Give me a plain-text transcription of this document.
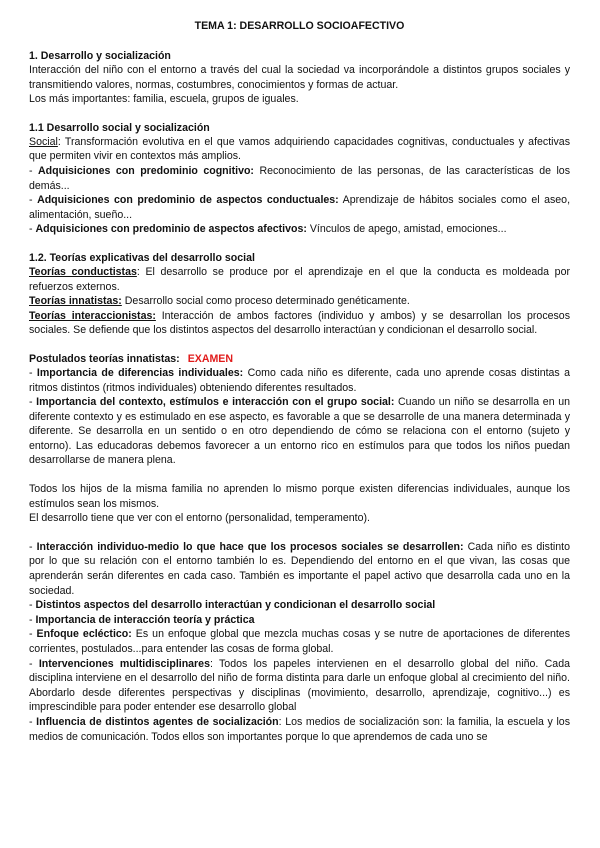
TEMA 1: DESARROLLO SOCIOAFECTIVO
1. Desarrollo y socialización
Interacción del niño con el entorno a través del cual la sociedad va incorporándole a distintos grupos sociales y transmitiendo valores, normas, costumbres, conocimientos y formas de actuar.
Los más importantes: familia, escuela, grupos de iguales.
1.1 Desarrollo social y socialización
Social: Transformación evolutiva en el que vamos adquiriendo capacidades cognitivas, conductuales y afectivas que permiten vivir en contextos más amplios.
- Adquisiciones con predominio cognitivo: Reconocimiento de las personas, de las características de los demás...
- Adquisiciones con predominio de aspectos conductuales: Aprendizaje de hábitos sociales como el aseo, alimentación, sueño...
- Adquisiciones con predominio de aspectos afectivos: Vínculos de apego, amistad, emociones...
1.2. Teorías explicativas del desarrollo social
Teorías conductistas: El desarrollo se produce por el aprendizaje en el que la conducta es moldeada por refuerzos externos.
Teorías innatistas: Desarrollo social como proceso determinado genéticamente.
Teorías interaccionistas: Interacción de ambos factores (individuo y ambos) y se desarrollan los procesos sociales. Se defiende que los distintos aspectos del desarrollo interactúan y condicionan el desarrollo social.
Postulados teorías innatistas: EXAMEN
- Importancia de diferencias individuales: Como cada niño es diferente, cada uno aprende cosas distintas a ritmos distintos (ritmos individuales) obteniendo diferentes resultados.
- Importancia del contexto, estímulos e interacción con el grupo social: Cuando un niño se desarrolla en un diferente contexto y es estimulado en ese aspecto, es favorable a que se desarrolle de una manera determinada y diferente. Se desarrolla en un sentido o en otro dependiendo de cómo se relaciona con el entorno (sujeto y entorno). Las educadoras debemos favorecer a un entorno rico en estímulos para que todos los niños puedan desarrollarse de manera plena.
Todos los hijos de la misma familia no aprenden lo mismo porque existen diferencias individuales, aunque los estímulos sean los mismos.
El desarrollo tiene que ver con el entorno (personalidad, temperamento).
- Interacción individuo-medio lo que hace que los procesos sociales se desarrollen: Cada niño es distinto por lo que su relación con el entorno también lo es. Dependiendo del entorno en el que vivan, las cosas que aprenderán serán diferentes en cada caso. También es importante el papel activo que desarrolla cada uno en la sociedad.
- Distintos aspectos del desarrollo interactúan y condicionan el desarrollo social
- Importancia de interacción teoría y práctica
- Enfoque ecléctico: Es un enfoque global que mezcla muchas cosas y se nutre de aportaciones de diferentes corrientes, postulados...para entender las cosas de forma global.
- Intervenciones multidisciplinares: Todos los papeles intervienen en el desarrollo global del niño. Cada disciplina interviene en el desarrollo del niño de forma distinta para darle un enfoque global al crecimiento del niño. Abordarlo desde diferentes perspectivas y disciplinas (movimiento, desarrollo, aprendizaje, cognitivo...) es imprescindible para poder entender ese desarrollo global
- Influencia de distintos agentes de socialización: Los medios de socialización son: la familia, la escuela y los medios de comunicación. Todos ellos son importantes porque lo que aprendemos de cada uno se
